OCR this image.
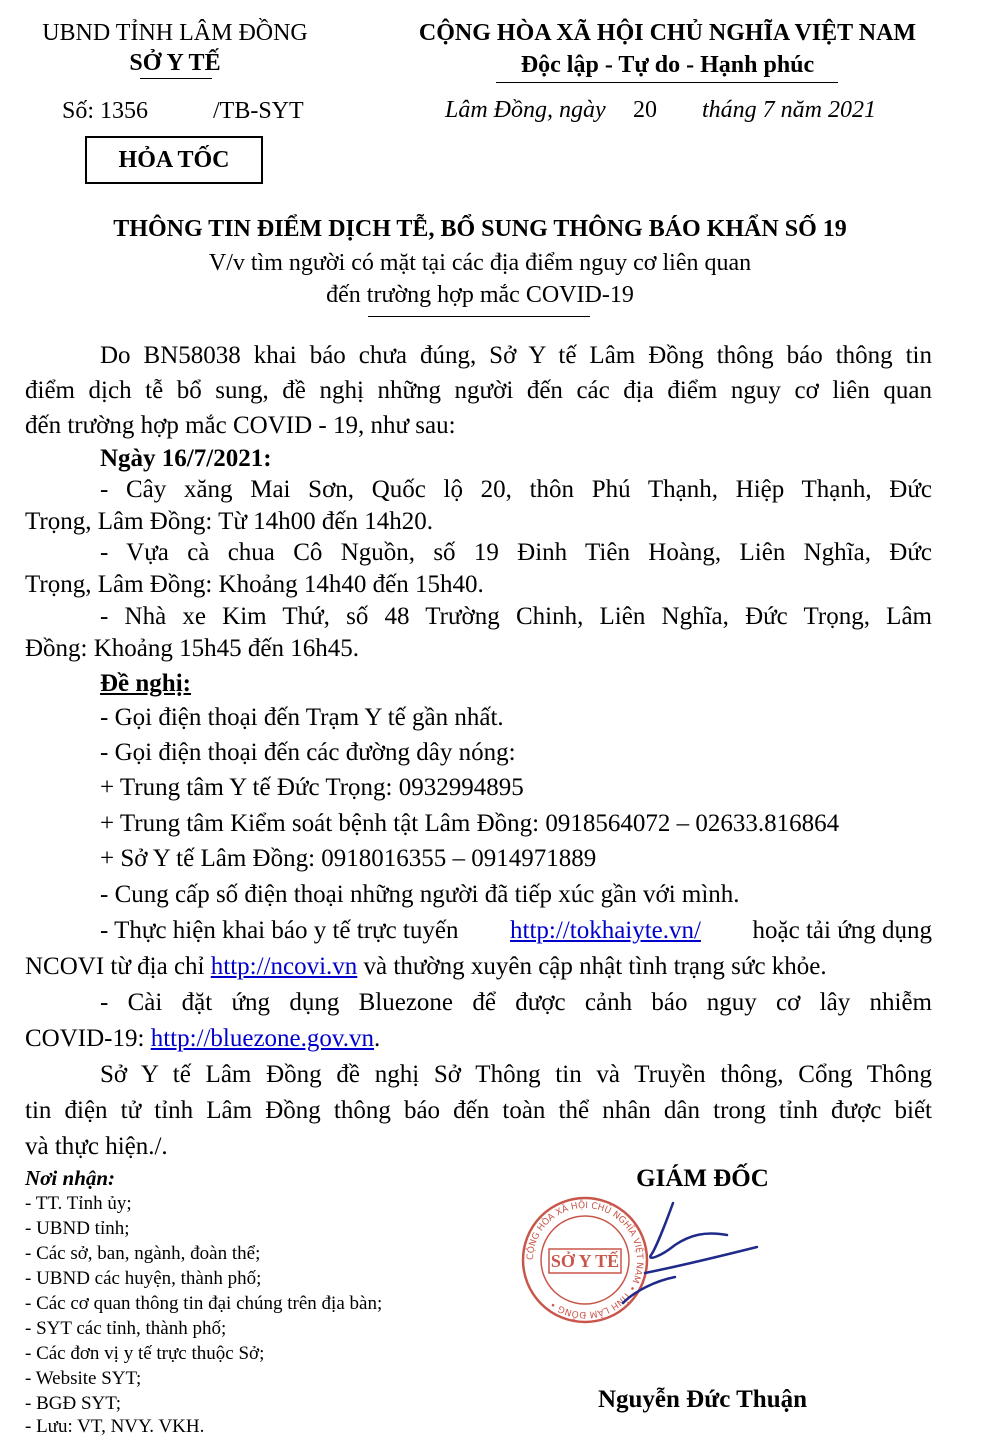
UBND TỈNH LÂM ĐỒNG
SỞ Y TẾ
Số: 1356	/TB-SYT
CỘNG HÒA XÃ HỘI CHỦ NGHĨA VIỆT NAM
Độc lập - Tự do - Hạnh phúc
Lâm Đồng, ngày 20 tháng 7 năm 2021
HỎA TỐC
THÔNG TIN ĐIỂM DỊCH TỄ, BỔ SUNG THÔNG BÁO KHẨN SỐ 19
V/v tìm người có mặt tại các địa điểm nguy cơ liên quan
đến trường hợp mắc COVID-19
Do BN58038 khai báo chưa đúng, Sở Y tế Lâm Đồng thông báo thông tin
điểm dịch tễ bổ sung, đề nghị những người đến các địa điểm nguy cơ liên quan
đến trường hợp mắc COVID - 19, như sau:
Ngày 16/7/2021:
- Cây xăng Mai Sơn, Quốc lộ 20, thôn Phú Thạnh, Hiệp Thạnh, Đức
Trọng, Lâm Đồng: Từ 14h00 đến 14h20.
- Vựa cà chua Cô Nguồn, số 19 Đinh Tiên Hoàng, Liên Nghĩa, Đức
Trọng, Lâm Đồng: Khoảng 14h40 đến 15h40.
- Nhà xe Kim Thứ, số 48 Trường Chinh, Liên Nghĩa, Đức Trọng, Lâm
Đồng: Khoảng 15h45 đến 16h45.
Đề nghị:
- Gọi điện thoại đến Trạm Y tế gần nhất.
- Gọi điện thoại đến các đường dây nóng:
+ Trung tâm Y tế Đức Trọng: 0932994895
+ Trung tâm Kiểm soát bệnh tật Lâm Đồng: 0918564072 – 02633.816864
+ Sở Y tế Lâm Đồng: 0918016355 – 0914971889
- Cung cấp số điện thoại những người đã tiếp xúc gần với mình.
- Thực hiện khai báo y tế trực tuyến http://tokhaiyte.vn/ hoặc tải ứng dụng
NCOVI từ địa chỉ http://ncovi.vn và thường xuyên cập nhật tình trạng sức khỏe.
- Cài đặt ứng dụng Bluezone để được cảnh báo nguy cơ lây nhiễm
COVID-19: http://bluezone.gov.vn.
Sở Y tế Lâm Đồng đề nghị Sở Thông tin và Truyền thông, Cổng Thông
tin điện tử tỉnh Lâm Đồng thông báo đến toàn thể nhân dân trong tỉnh được biết
và thực hiện./.
Nơi nhận:
- TT. Tỉnh ủy;
- UBND tỉnh;
- Các sở, ban, ngành, đoàn thể;
- UBND các huyện, thành phố;
- Các cơ quan thông tin đại chúng trên địa bàn;
- SYT các tỉnh, thành phố;
- Các đơn vị y tế trực thuộc Sở;
- Website SYT;
- BGĐ SYT;
- Lưu: VT, NVY. VKH.
GIÁM ĐỐC
CỘNG HÒA XÃ HỘI CHỦ NGHĨA VIỆT NAM • TỈNH LÂM ĐỒNG •
SỞ Y TẾ
Nguyễn Đức Thuận
